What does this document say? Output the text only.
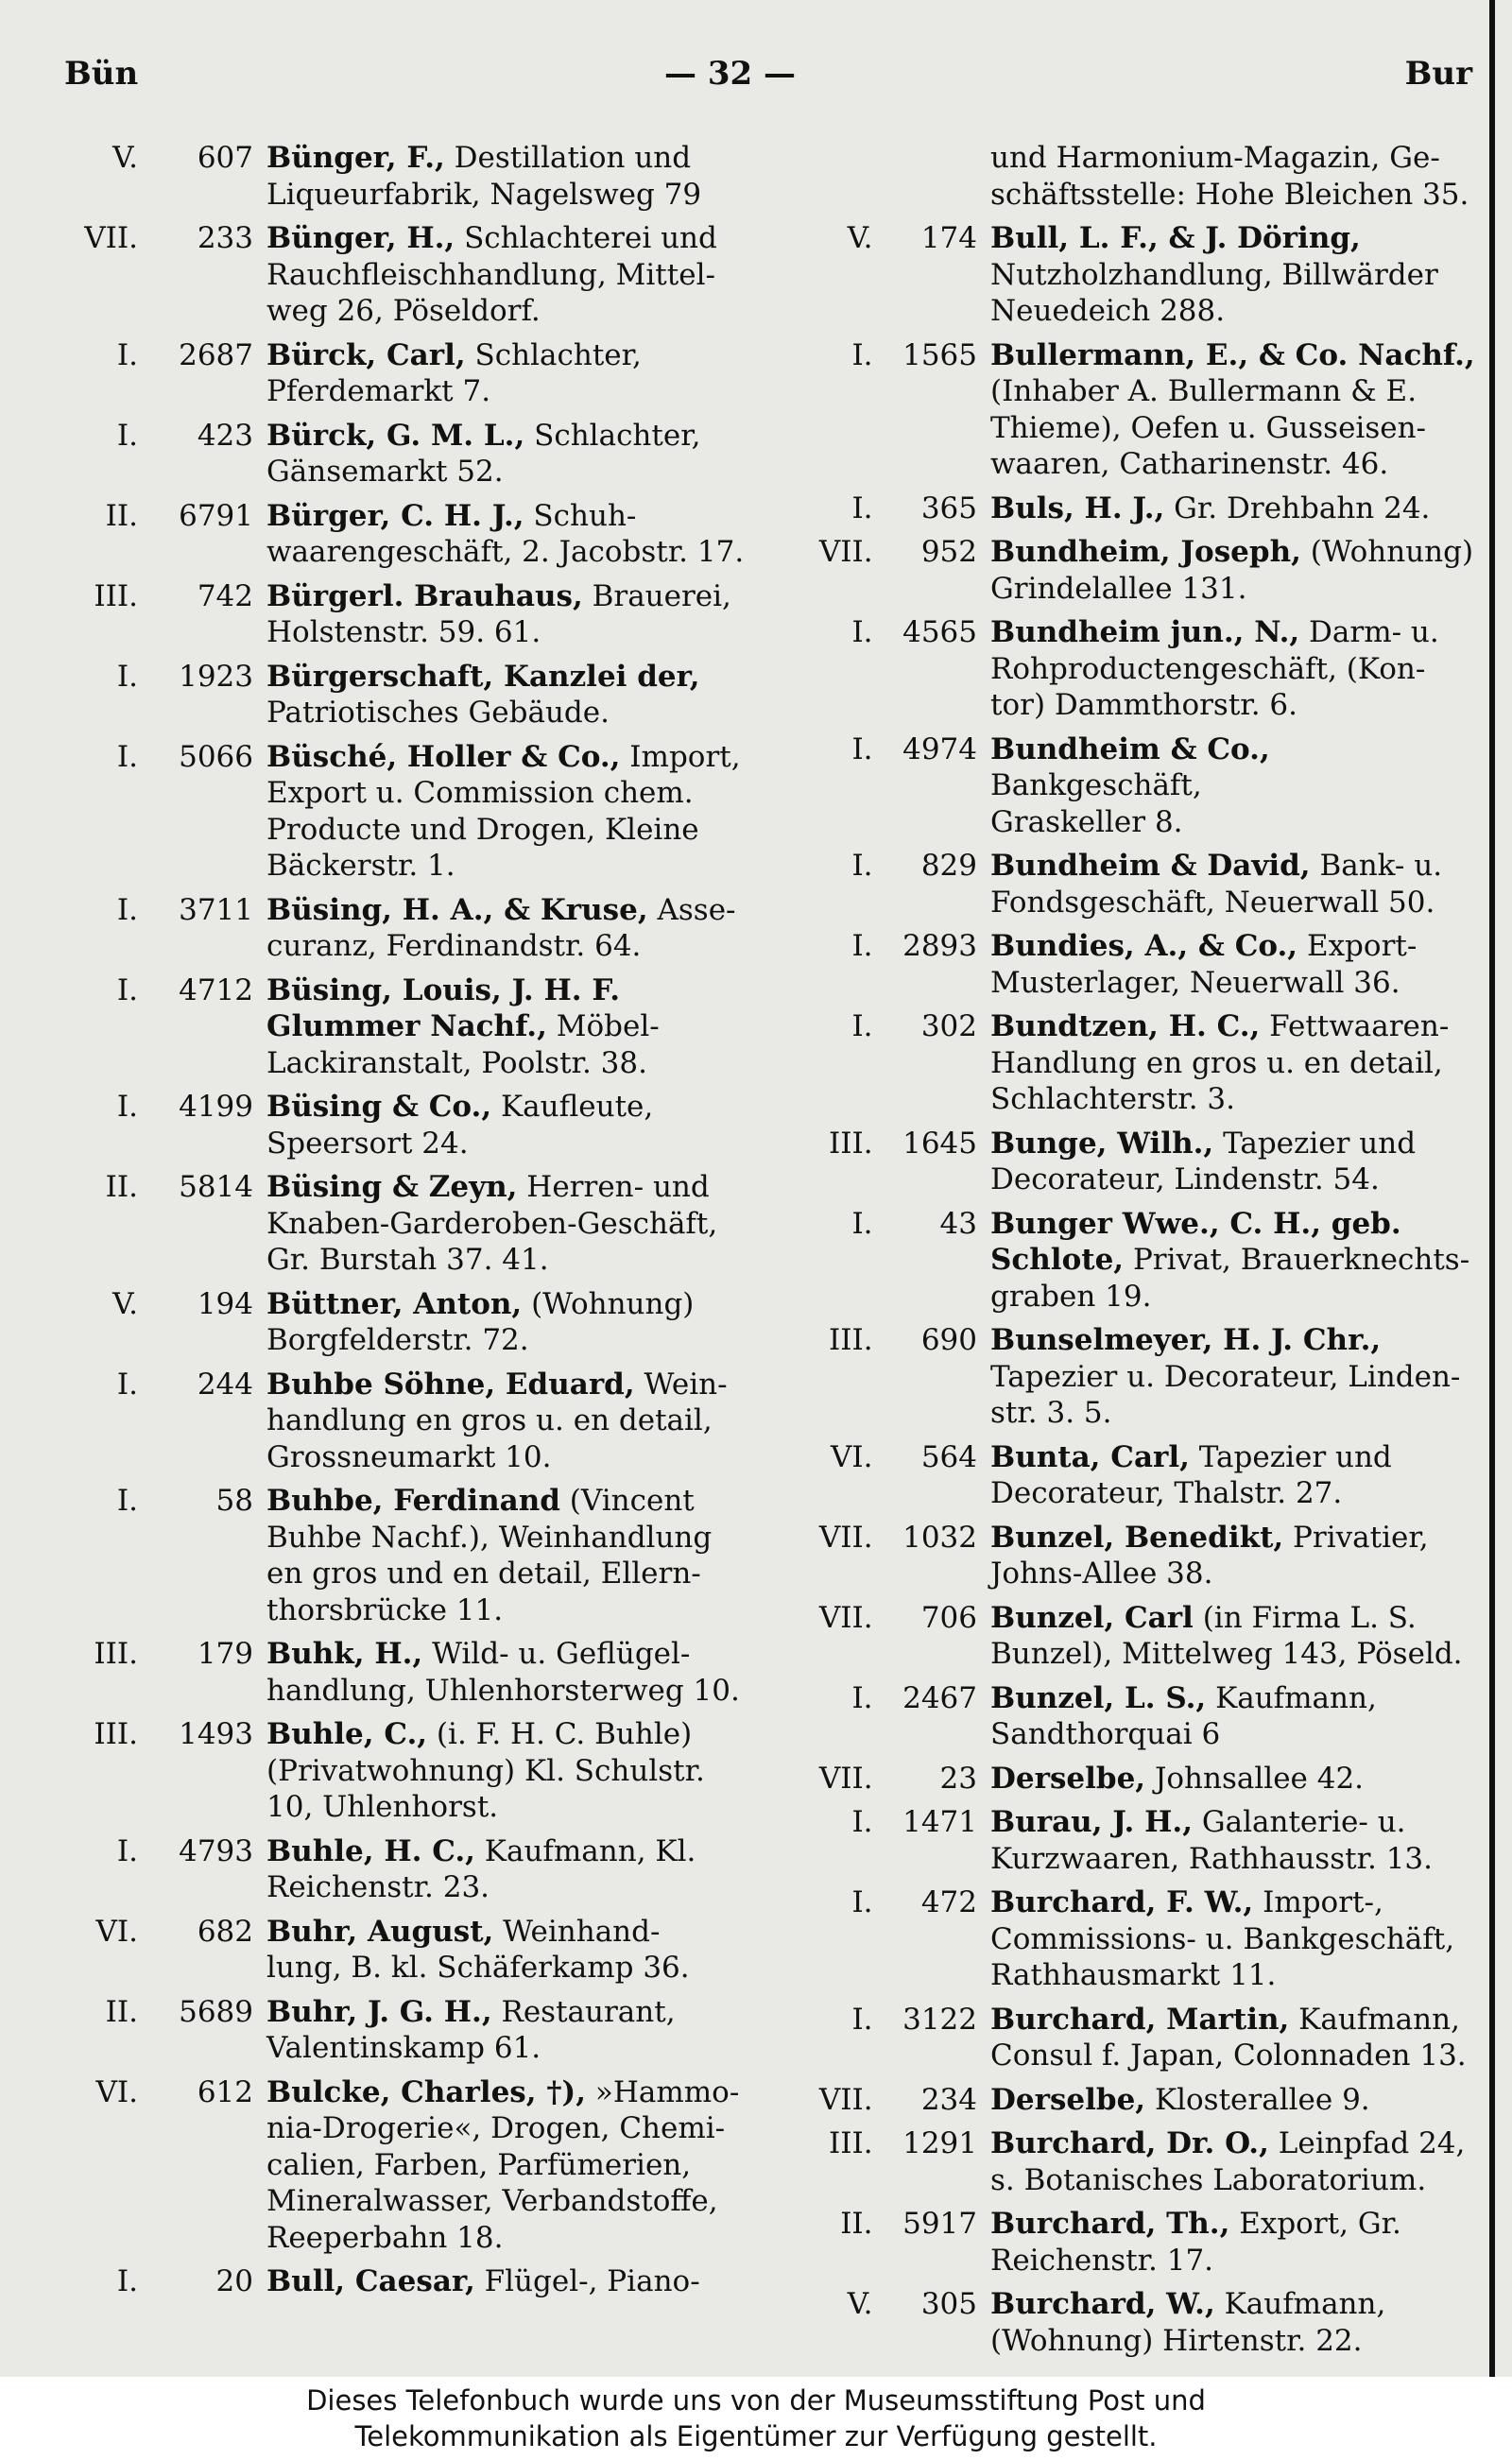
Bün	— 32 —	Bur
V.	607 Bünger, F., Destillation und
Liqueurfabrik, Nagelsweg 79
VII.	233 Bünger, H., Schlachterei und
Rauchfleischhandlung, Mittel-
weg 26, Pöseldorf.
I.	2687 Bürck, Carl, Schlachter,
Pferdemarkt 7.
I.	423 Bürck, G. M. L., Schlachter,
Gänsemarkt 52.
II.	6791 Bürger, C. H. J., Schuh-
waarengeschäft, 2. Jacobstr. 17.
III.	742 Bürgerl. Brauhaus, Brauerei,
Holstenstr. 59. 61.
I.	1923 Bürgerschaft, Kanzlei der,
Patriotisches Gebäude.
I.	5066 Büsché, Holler & Co., Import,
Export u. Commission chem.
Producte und Drogen, Kleine
Bäckerstr. 1.
I.	3711 Büsing, H. A., & Kruse, Asse-
curanz, Ferdinandstr. 64.
I.	4712 Büsing, Louis, J. H. F.
Glummer Nachf., Möbel-
Lackiranstalt, Poolstr. 38.
I.	4199 Büsing & Co., Kaufleute,
Speersort 24.
II.	5814 Büsing & Zeyn, Herren- und
Knaben-Garderoben-Geschäft,
Gr. Burstah 37. 41.
V.	194 Büttner, Anton, (Wohnung)
Borgfelderstr. 72.
I.	244 Buhbe Söhne, Eduard, Wein-
handlung en gros u. en detail,
Grossneumarkt 10.
I.	58 Buhbe, Ferdinand (Vincent
Buhbe Nachf.), Weinhandlung
en gros und en detail, Ellern-
thorsbrücke 11.
III.	179 Buhk, H., Wild- u. Geflügel-
handlung, Uhlenhorsterweg 10.
III.	1493 Buhle, C., (i. F. H. C. Buhle)
(Privatwohnung) Kl. Schulstr.
10, Uhlenhorst.
I.	4793 Buhle, H. C., Kaufmann, Kl.
Reichenstr. 23.
VI.	682 Buhr, August, Weinhand-
lung, B. kl. Schäferkamp 36.
II.	5689 Buhr, J. G. H., Restaurant,
Valentinskamp 61.
VI.	612 Bulcke, Charles, †), »Hammo-
nia-Drogerie«, Drogen, Chemi-
calien, Farben, Parfümerien,
Mineralwasser, Verbandstoffe,
Reeperbahn 18.
I.	20 Bull, Caesar, Flügel-, Piano-
und Harmonium-Magazin, Ge-
schäftsstelle: Hohe Bleichen 35.
V.	174 Bull, L. F., & J. Döring,
Nutzholzhandlung, Billwärder
Neuedeich 288.
I.	1565 Bullermann, E., & Co. Nachf.,
(Inhaber A. Bullermann & E.
Thieme), Oefen u. Gusseisen-
waaren, Catharinenstr. 46.
I.	365 Buls, H. J., Gr. Drehbahn 24.
VII.	952 Bundheim, Joseph, (Wohnung)
Grindelallee 131.
I.	4565 Bundheim jun., N., Darm- u.
Rohproductengeschäft, (Kon-
tor) Dammthorstr. 6.
I.	4974 Bundheim & Co., Bankgeschäft,
Graskeller 8.
I.	829 Bundheim & David, Bank- u.
Fondsgeschäft, Neuerwall 50.
I.	2893 Bundies, A., & Co., Export-
Musterlager, Neuerwall 36.
I.	302 Bundtzen, H. C., Fettwaaren-
Handlung en gros u. en detail,
Schlachterstr. 3.
III.	1645 Bunge, Wilh., Tapezier und
Decorateur, Lindenstr. 54.
I.	43 Bunger Wwe., C. H., geb.
Schlote, Privat, Brauerknechts-
graben 19.
III.	690 Bunselmeyer, H. J. Chr.,
Tapezier u. Decorateur, Linden-
str. 3. 5.
VI.	564 Bunta, Carl, Tapezier und
Decorateur, Thalstr. 27.
VII.	1032 Bunzel, Benedikt, Privatier,
Johns-Allee 38.
VII.	706 Bunzel, Carl (in Firma L. S.
Bunzel), Mittelweg 143, Pöseld.
I.	2467 Bunzel, L. S., Kaufmann,
Sandthorquai 6
VII.	23 Derselbe, Johnsallee 42.
I.	1471 Burau, J. H., Galanterie- u.
Kurzwaaren, Rathhausstr. 13.
I.	472 Burchard, F. W., Import-,
Commissions- u. Bankgeschäft,
Rathhausmarkt 11.
I.	3122 Burchard, Martin, Kaufmann,
Consul f. Japan, Colonnaden 13.
VII.	234 Derselbe, Klosterallee 9.
III.	1291 Burchard, Dr. O., Leinpfad 24,
s. Botanisches Laboratorium.
II.	5917 Burchard, Th., Export, Gr.
Reichenstr. 17.
V.	305 Burchard, W., Kaufmann,
(Wohnung) Hirtenstr. 22.
Dieses Telefonbuch wurde uns von der Museumsstiftung Post und
Telekommunikation als Eigentümer zur Verfügung gestellt.
